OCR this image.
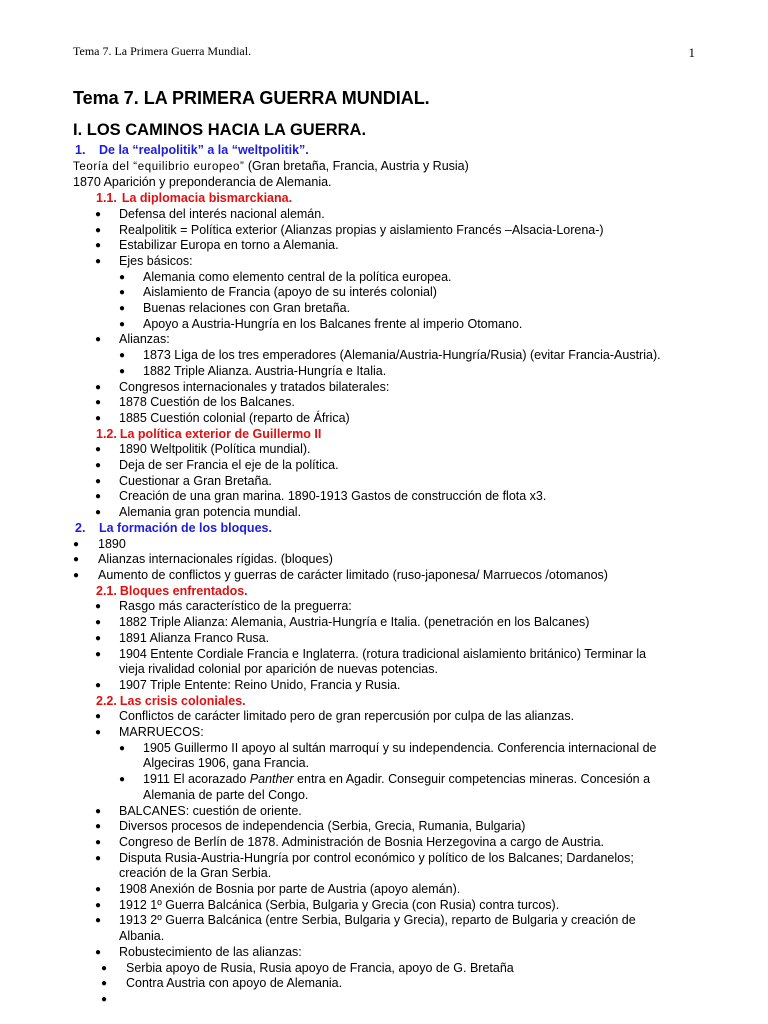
Tema 7. La Primera Guerra Mundial.	1
Tema 7. LA PRIMERA GUERRA MUNDIAL.
I. LOS CAMINOS HACIA LA GUERRA.
1. De la “realpolitik” a la “weltpolitik”.
Teoría del “equilibrio europeo” (Gran bretaña, Francia, Austria y Rusia)
1870 Aparición y preponderancia de Alemania.
1.1. La diplomacia bismarckiana.
● Defensa del interés nacional alemán.
● Realpolitik = Política exterior (Alianzas propias y aislamiento Francés –Alsacia-Lorena-)
● Estabilizar Europa en torno a Alemania.
● Ejes básicos:
● Alemania como elemento central de la política europea.
● Aislamiento de Francia (apoyo de su interés colonial)
● Buenas relaciones con Gran bretaña.
● Apoyo a Austria-Hungría en los Balcanes frente al imperio Otomano.
● Alianzas:
● 1873 Liga de los tres emperadores (Alemania/Austria-Hungría/Rusia) (evitar Francia-Austria).
● 1882 Triple Alianza. Austria-Hungría e Italia.
● Congresos internacionales y tratados bilaterales:
● 1878 Cuestión de los Balcanes.
● 1885 Cuestión colonial (reparto de África)
1.2. La política exterior de Guillermo II
● 1890 Weltpolitik (Política mundial).
● Deja de ser Francia el eje de la política.
● Cuestionar a Gran Bretaña.
● Creación de una gran marina. 1890-1913 Gastos de construcción de flota x3.
● Alemania gran potencia mundial.
2. La formación de los bloques.
● 1890
● Alianzas internacionales rígidas. (bloques)
● Aumento de conflictos y guerras de carácter limitado (ruso-japonesa/ Marruecos /otomanos)
2.1. Bloques enfrentados.
● Rasgo más característico de la preguerra:
● 1882 Triple Alianza: Alemania, Austria-Hungría e Italia. (penetración en los Balcanes)
● 1891 Alianza Franco Rusa.
● 1904 Entente Cordiale Francia e Inglaterra. (rotura tradicional aislamiento británico) Terminar la
vieja rivalidad colonial por aparición de nuevas potencias.
● 1907 Triple Entente: Reino Unido, Francia y Rusia.
2.2. Las crisis coloniales.
● Conflictos de carácter limitado pero de gran repercusión por culpa de las alianzas.
● MARRUECOS:
● 1905 Guillermo II apoyo al sultán marroquí y su independencia. Conferencia internacional de
Algeciras 1906, gana Francia.
● 1911 El acorazado Panther entra en Agadir. Conseguir competencias mineras. Concesión a
Alemania de parte del Congo.
● BALCANES: cuestión de oriente.
● Diversos procesos de independencia (Serbia, Grecia, Rumania, Bulgaria)
● Congreso de Berlín de 1878. Administración de Bosnia Herzegovina a cargo de Austria.
● Disputa Rusia-Austria-Hungría por control económico y político de los Balcanes; Dardanelos;
creación de la Gran Serbia.
● 1908 Anexión de Bosnia por parte de Austria (apoyo alemán).
● 1912 1º Guerra Balcánica (Serbia, Bulgaria y Grecia (con Rusia) contra turcos).
● 1913 2º Guerra Balcánica (entre Serbia, Bulgaria y Grecia), reparto de Bulgaria y creación de
Albania.
● Robustecimiento de las alianzas:
● Serbia apoyo de Rusia, Rusia apoyo de Francia, apoyo de G. Bretaña
● Contra Austria con apoyo de Alemania.
●
